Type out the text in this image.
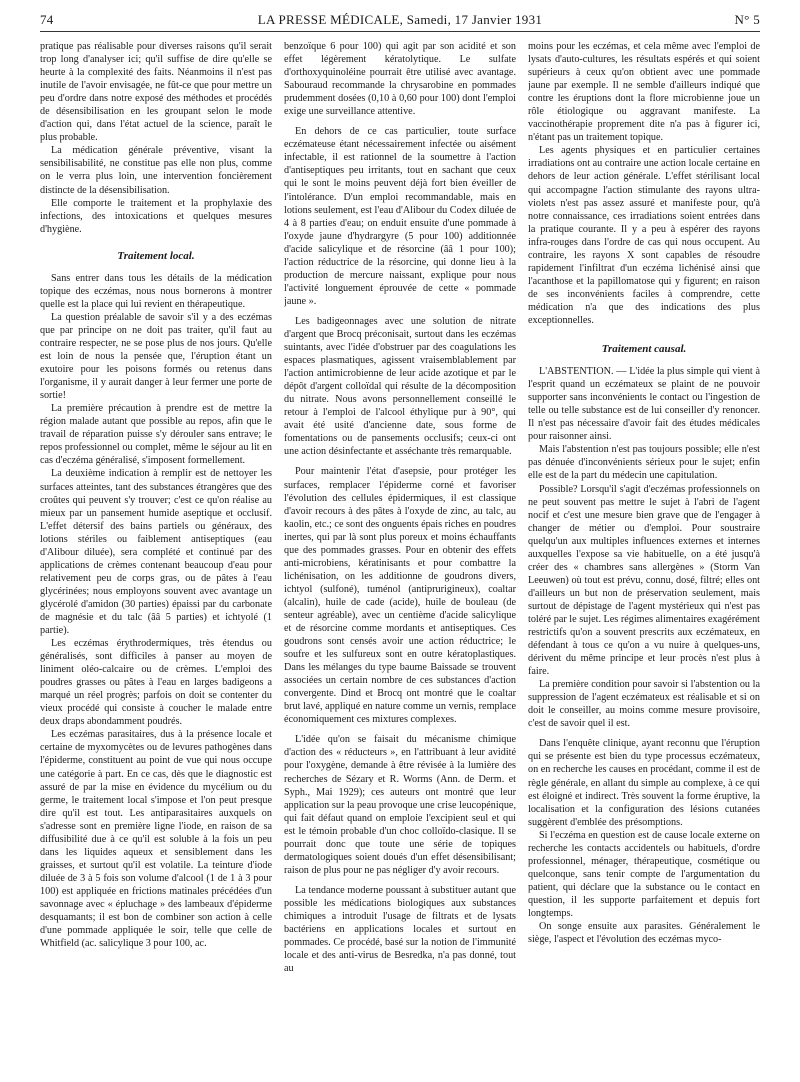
74	LA PRESSE MÉDICALE, Samedi, 17 Janvier 1931	N° 5

pratique pas réalisable pour diverses raisons qu'il serait trop long d'analyser ici; qu'il suffise de dire qu'elle se heurte à la complexité des faits. Néanmoins il n'est pas inutile de l'avoir envisagée, ne fût-ce que pour mettre un peu d'ordre dans notre exposé des méthodes et procédés de désensibilisation en les groupant selon le mode d'action qui, dans l'état actuel de la science, paraît le plus probable.

La médication générale préventive, visant la sensibilisabilité, ne constitue pas elle non plus, comme on le verra plus loin, une intervention foncièrement distincte de la désensibilisation.

Elle comporte le traitement et la prophylaxie des infections, des intoxications et quelques mesures d'hygiène.

Traitement local.

Sans entrer dans tous les détails de la médication topique des eczémas, nous nous bornerons à montrer quelle est la place qui lui revient en thérapeutique.

La question préalable de savoir s'il y a des eczémas que par principe on ne doit pas traiter, qu'il faut au contraire respecter, ne se pose plus de nos jours. Qu'elle est loin de nous la pensée que, l'éruption étant un exutoire pour les poisons formés ou retenus dans l'organisme, il y aurait danger à leur fermer une porte de sortie!

La première précaution à prendre est de mettre la région malade autant que possible au repos, afin que le travail de réparation puisse s'y dérouler sans entrave; le repos professionnel ou complet, même le séjour au lit en cas d'eczéma généralisé, s'imposent formellement.

La deuxième indication à remplir est de nettoyer les surfaces atteintes, tant des substances étrangères que des croûtes qui peuvent s'y trouver; c'est ce qu'on réalise au mieux par un pansement humide aseptique et occlusif. L'effet détersif des bains partiels ou généraux, des lotions stériles ou faiblement antiseptiques (eau d'Alibour diluée), sera complété et continué par des applications de crèmes contenant beaucoup d'eau pour relativement peu de corps gras, ou de pâtes à l'eau glycérinées; nous employons souvent avec avantage un glycérolé d'amidon (30 parties) épaissi par du carbonate de magnésie et du talc (ââ 5 parties) et ichtyolé (1 partie).

Les eczémas érythrodermiques, très étendus ou généralisés, sont difficiles à panser au moyen de liniment oléo-calcaire ou de crèmes. L'emploi des poudres grasses ou pâtes à l'eau en larges badigeons a marqué un réel progrès; parfois on doit se contenter du vieux procédé qui consiste à coucher le malade entre deux draps abondamment poudrés.

Les eczémas parasitaires, dus à la présence locale et certaine de myxomycètes ou de levures pathogènes dans l'épiderme, constituent au point de vue qui nous occupe une catégorie à part. En ce cas, dès que le diagnostic est assuré de par la mise en évidence du mycélium ou du germe, le traitement local s'impose et l'on peut presque dire qu'il est tout. Les antiparasitaires auxquels on s'adresse sont en première ligne l'iode, en raison de sa diffusibilité due à ce qu'il est soluble à la fois un peu dans les liquides aqueux et sensiblement dans les graisses, et surtout qu'il est volatile. La teinture d'iode diluée de 3 à 5 fois son volume d'alcool (1 de 1 à 3 pour 100) est appliquée en frictions matinales précédées d'un savonnage avec « épluchage » des lambeaux d'épiderme desquamants; il est bon de combiner son action à celle d'une pommade appliquée le soir, telle que celle de Whitfield (ac. salicylique 3 pour 100, ac.

benzoïque 6 pour 100) qui agit par son acidité et son effet légèrement kératolytique. Le sulfate d'orthoxyquinoléine pourrait être utilisé avec avantage. Sabouraud recommande la chrysarobine en pommades prudemment dosées (0,10 à 0,60 pour 100) dont l'emploi exige une surveillance attentive.

En dehors de ce cas particulier, toute surface eczémateuse étant nécessairement infectée ou aisément infectable, il est rationnel de la soumettre à l'action d'antiseptiques peu irritants, tout en sachant que ceux qui le sont le moins peuvent déjà fort bien éveiller de l'intolérance. D'un emploi recommandable, mais en lotions seulement, est l'eau d'Alibour du Codex diluée de 4 à 8 parties d'eau; on enduit ensuite d'une pommade à l'oxyde jaune d'hydrargyre (5 pour 100) additionnée d'acide salicylique et de résorcine (ââ 1 pour 100); l'action réductrice de la résorcine, qui donne lieu à la production de mercure naissant, explique pour nous l'activité longuement éprouvée de cette « pommade jaune ».

Les badigeonnages avec une solution de nitrate d'argent que Brocq préconisait, surtout dans les eczémas suintants, avec l'idée d'obstruer par des coagulations les espaces plasmatiques, agissent vraisemblablement par l'action antimicrobienne de leur acide azotique et par le dépôt d'argent colloïdal qui résulte de la décomposition du nitrate. Nous avons personnellement conseillé le retour à l'emploi de l'alcool éthylique pur à 90°, qui avait été usité d'ancienne date, sous forme de fomentations ou de pansements occlusifs; ceux-ci ont une action désinfectante et asséchante très remarquable.

Pour maintenir l'état d'asepsie, pour protéger les surfaces, remplacer l'épiderme corné et favoriser l'évolution des cellules épidermiques, il est classique d'avoir recours à des pâtes à l'oxyde de zinc, au talc, au kaolin, etc.; ce sont des onguents épais riches en poudres inertes, qui par là sont plus poreux et moins échauffants que des pommades grasses. Pour en obtenir des effets anti-microbiens, kératinisants et pour combattre la lichénisation, on les additionne de goudrons divers, ichtyol (sulfoné), tuménol (antiprurigineux), coaltar (alcalin), huile de cade (acide), huile de bouleau (de senteur agréable), avec un centième d'acide salicylique et de résorcine comme mordants et antiseptiques. Ces goudrons sont censés avoir une action réductrice; le soufre et les sulfureux sont en outre kératoplastiques. Dans les mélanges du type baume Baissade se trouvent associées un certain nombre de ces substances d'action convergente. Dind et Brocq ont montré que le coaltar brut lavé, appliqué en nature comme un vernis, remplace économiquement ces mixtures complexes.

L'idée qu'on se faisait du mécanisme chimique d'action des « réducteurs », en l'attribuant à leur avidité pour l'oxygène, demande à être révisée à la lumière des recherches de Sézary et R. Worms (Ann. de Derm. et Syph., Mai 1929); ces auteurs ont montré que leur application sur la peau provoque une crise leucopénique, qui fait défaut quand on emploie l'excipient seul et qui est le témoin probable d'un choc colloïdo-clasique. Il se pourrait donc que toute une série de topiques dermatologiques soient doués d'un effet désensibilisant; raison de plus pour ne pas négliger d'y avoir recours.

La tendance moderne poussant à substituer autant que possible les médications biologiques aux substances chimiques a introduit l'usage de filtrats et de lysats bactériens en applications locales et surtout en pommades. Ce procédé, basé sur la notion de l'immunité locale et des anti-virus de Besredka, n'a pas donné, tout au

moins pour les eczémas, et cela même avec l'emploi de lysats d'auto-cultures, les résultats espérés et qui soient supérieurs à ceux qu'on obtient avec une pommade jaune par exemple. Il ne semble d'ailleurs indiqué que contre les éruptions dont la flore microbienne joue un rôle étiologique ou aggravant manifeste. La vaccinothérapie proprement dite n'a pas à figurer ici, n'étant pas un traitement topique.

Les agents physiques et en particulier certaines irradiations ont au contraire une action locale certaine en dehors de leur action générale. L'effet stérilisant local qui accompagne l'action stimulante des rayons ultra-violets n'est pas assez assuré et manifeste pour, qu'à notre connaissance, ces irradiations soient entrées dans la pratique courante. Il y a peu à espérer des rayons infra-rouges dans l'ordre de cas qui nous occupent. Au contraire, les rayons X sont capables de résoudre rapidement l'infiltrat d'un eczéma lichénisé ainsi que l'acanthose et la papillomatose qui y figurent; en raison de ses inconvénients faciles à comprendre, cette médication n'a que des indications des plus exceptionnelles.

Traitement causal.

L'ABSTENTION. — L'idée la plus simple qui vient à l'esprit quand un eczémateux se plaint de ne pouvoir supporter sans inconvénients le contact ou l'ingestion de telle ou telle substance est de lui conseiller d'y renoncer. Il n'est pas nécessaire d'avoir fait des études médicales pour raisonner ainsi.

Mais l'abstention n'est pas toujours possible; elle n'est pas dénuée d'inconvénients sérieux pour le sujet; enfin elle est de la part du médecin une capitulation.

Possible? Lorsqu'il s'agit d'eczémas professionnels on ne peut souvent pas mettre le sujet à l'abri de l'agent nocif et c'est une mesure bien grave que de l'engager à changer de métier ou d'emploi. Pour soustraire quelqu'un aux multiples influences externes et internes auxquelles l'expose sa vie habituelle, on a été jusqu'à créer des « chambres sans allergènes » (Storm Van Leeuwen) où tout est prévu, connu, dosé, filtré; elles ont d'ailleurs un but non de préservation seulement, mais surtout de dépistage de l'agent mystérieux qui n'est pas toléré par le sujet. Les régimes alimentaires exagérément restrictifs qu'on a souvent prescrits aux eczémateux, en défendant à tous ce qu'on a vu nuire à quelques-uns, dérivent du même principe et leur procès n'est plus à faire.

La première condition pour savoir si l'abstention ou la suppression de l'agent eczémateux est réalisable et si on doit le conseiller, au moins comme mesure provisoire, c'est de savoir quel il est.

Dans l'enquête clinique, ayant reconnu que l'éruption qui se présente est bien du type processus eczémateux, on en recherche les causes en procédant, comme il est de règle générale, en allant du simple au complexe, à ce qui est éloigné et indirect. Très souvent la forme éruptive, la localisation et la configuration des lésions cutanées suggèrent d'emblée des présomptions.

Si l'eczéma en question est de cause locale externe on recherche les contacts accidentels ou habituels, d'ordre professionnel, ménager, thérapeutique, cosmétique ou quelconque, sans tenir compte de l'argumentation du patient, qui déclare que la substance ou le contact en question, il les supporte parfaitement et depuis fort longtemps.

On songe ensuite aux parasites. Généralement le siège, l'aspect et l'évolution des eczémas myco-
